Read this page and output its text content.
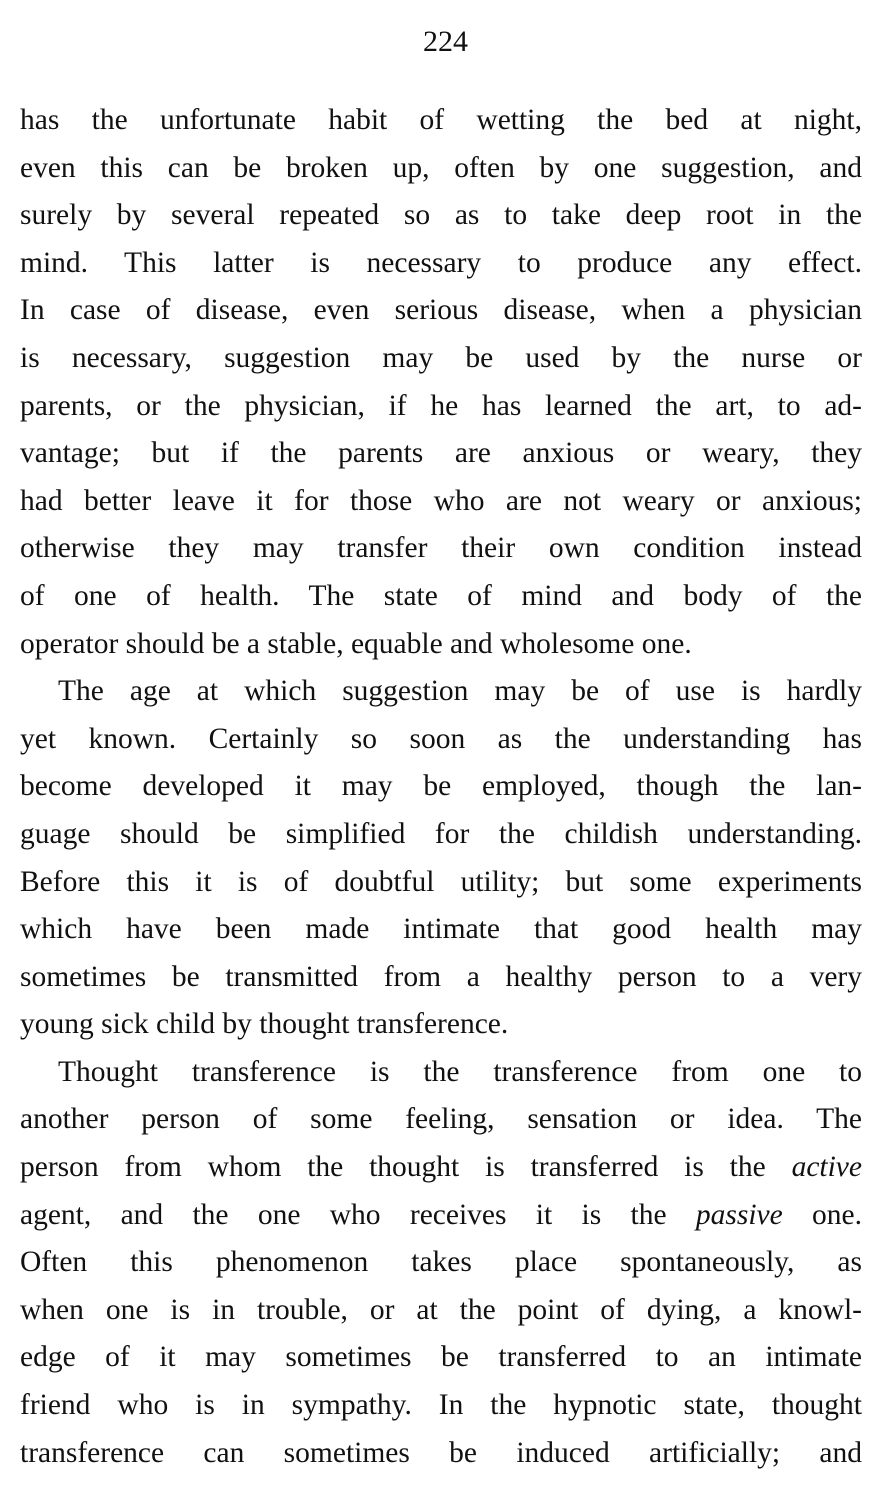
224
has the unfortunate habit of wetting the bed at night,
even this can be broken up, often by one suggestion, and
surely by several repeated so as to take deep root in the
mind. This latter is necessary to produce any effect.
In case of disease, even serious disease, when a physician
is necessary, suggestion may be used by the nurse or
parents, or the physician, if he has learned the art, to ad-
vantage; but if the parents are anxious or weary, they
had better leave it for those who are not weary or anxious;
otherwise they may transfer their own condition instead
of one of health. The state of mind and body of the
operator should be a stable, equable and wholesome one.
The age at which suggestion may be of use is hardly
yet known. Certainly so soon as the understanding has
become developed it may be employed, though the lan-
guage should be simplified for the childish understanding.
Before this it is of doubtful utility; but some experiments
which have been made intimate that good health may
sometimes be transmitted from a healthy person to a very
young sick child by thought transference.
Thought transference is the transference from one to
another person of some feeling, sensation or idea. The
person from whom the thought is transferred is the active
agent, and the one who receives it is the passive one.
Often this phenomenon takes place spontaneously, as
when one is in trouble, or at the point of dying, a knowl-
edge of it may sometimes be transferred to an intimate
friend who is in sympathy. In the hypnotic state, thought
transference can sometimes be induced artificially; and
